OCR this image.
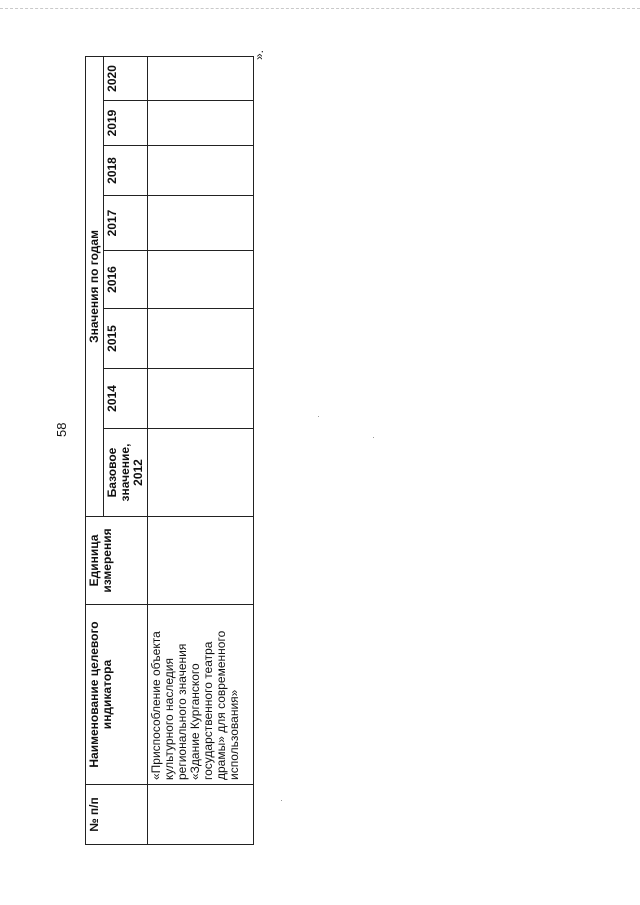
58
».
№ п/п	Наименование целевого индикатора	Единица измерения	Значения по годам							
			Базовое значение, 2012	2014	2015	2016	2017	2018	2019	2020
	«Приспособление объекта культурного наследия регионального значения «Здание Курганского государственного театра драмы» для современного использования»									
